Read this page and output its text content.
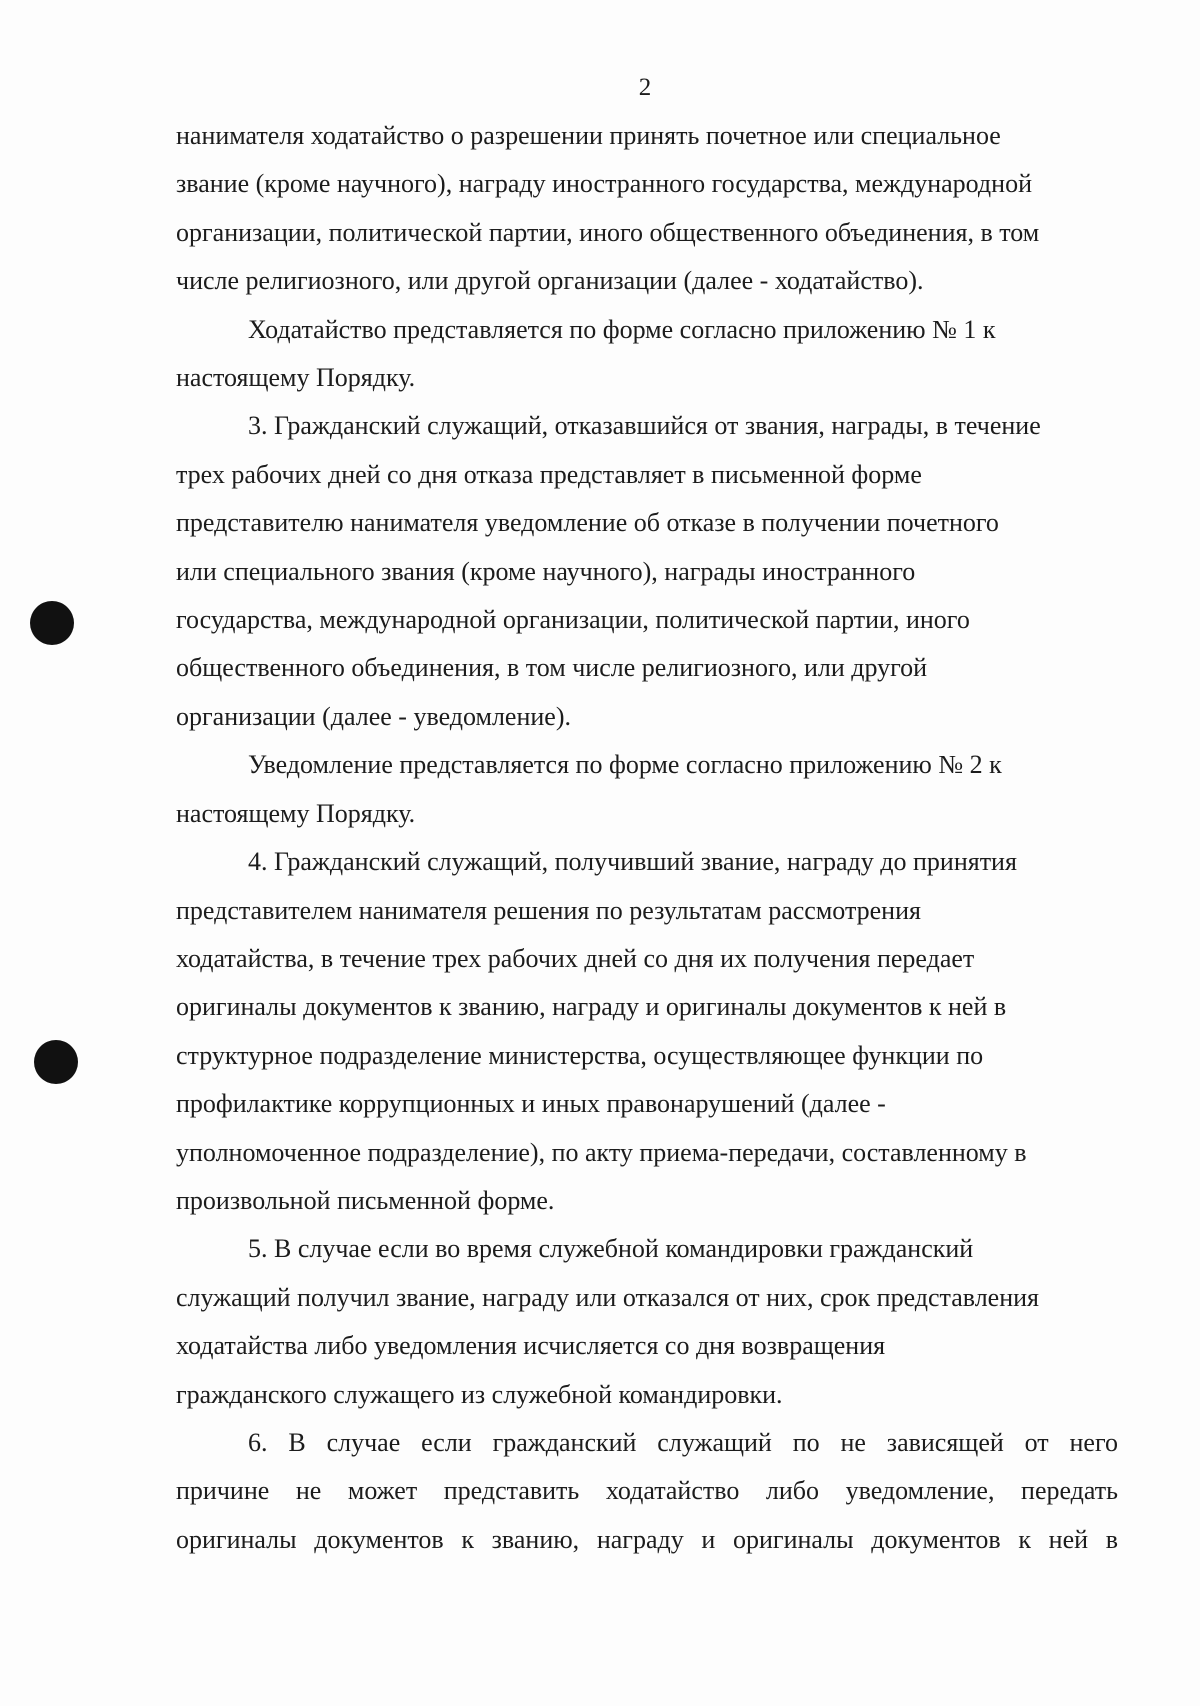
2

нанимателя ходатайство о разрешении принять почетное или специальное
звание (кроме научного), награду иностранного государства, международной
организации, политической партии, иного общественного объединения, в том
числе религиозного, или другой организации (далее - ходатайство).

Ходатайство представляется по форме согласно приложению № 1 к
настоящему Порядку.

3. Гражданский служащий, отказавшийся от звания, награды, в течение
трех рабочих дней со дня отказа представляет в письменной форме
представителю нанимателя уведомление об отказе в получении почетного
или специального звания (кроме научного), награды иностранного
государства, международной организации, политической партии, иного
общественного объединения, в том числе религиозного, или другой
организации (далее - уведомление).

Уведомление представляется по форме согласно приложению № 2 к
настоящему Порядку.

4. Гражданский служащий, получивший звание, награду до принятия
представителем нанимателя решения по результатам рассмотрения
ходатайства, в течение трех рабочих дней со дня их получения передает
оригиналы документов к званию, награду и оригиналы документов к ней в
структурное подразделение министерства, осуществляющее функции по
профилактике коррупционных и иных правонарушений (далее -
уполномоченное подразделение), по акту приема-передачи, составленному в
произвольной письменной форме.

5. В случае если во время служебной командировки гражданский
служащий получил звание, награду или отказался от них, срок представления
ходатайства либо уведомления исчисляется со дня возвращения
гражданского служащего из служебной командировки.

6. В случае если гражданский служащий по не зависящей от него
причине не может представить ходатайство либо уведомление, передать
оригиналы документов к званию, награду и оригиналы документов к ней в
